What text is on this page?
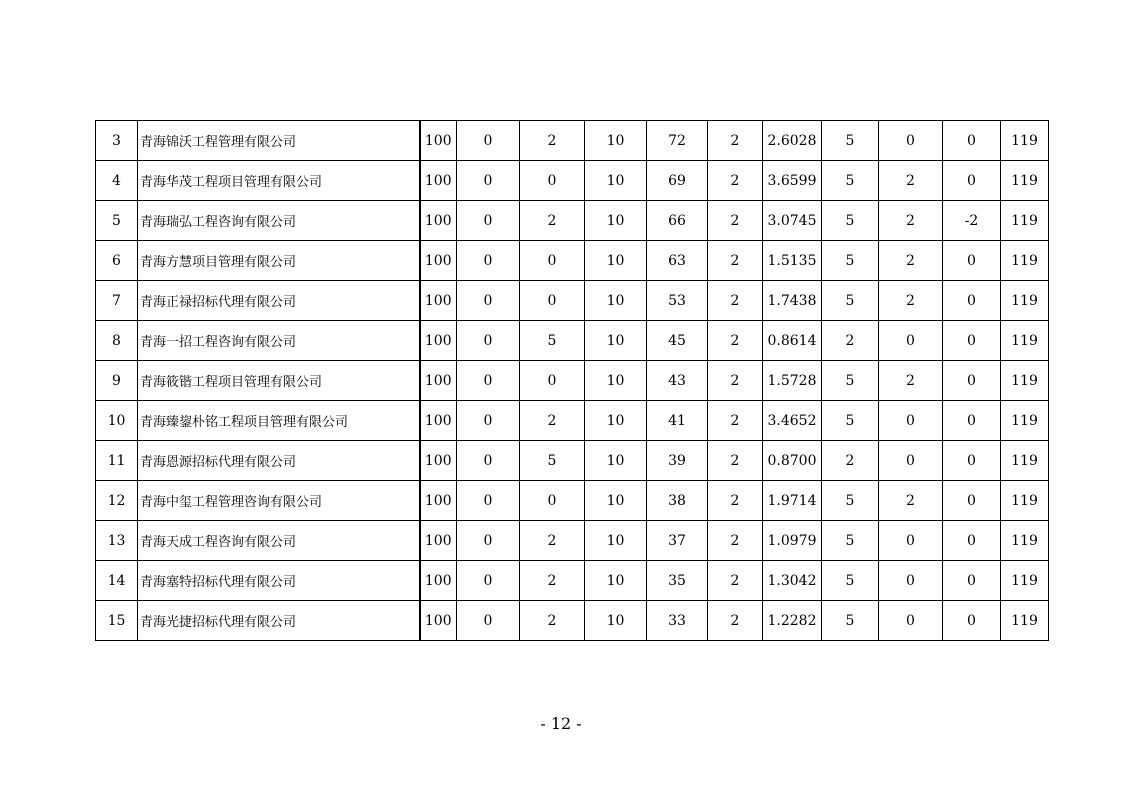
3	青海锦沃工程管理有限公司	100	0	2	10	72	2	2.6028	5	0	0	119
4	青海华茂工程项目管理有限公司	100	0	0	10	69	2	3.6599	5	2	0	119
5	青海瑞弘工程咨询有限公司	100	0	2	10	66	2	3.0745	5	2	-2	119
6	青海方慧项目管理有限公司	100	0	0	10	63	2	1.5135	5	2	0	119
7	青海正禄招标代理有限公司	100	0	0	10	53	2	1.7438	5	2	0	119
8	青海一招工程咨询有限公司	100	0	5	10	45	2	0.8614	2	0	0	119
9	青海筱锴工程项目管理有限公司	100	0	0	10	43	2	1.5728	5	2	0	119
10	青海臻鋆朴铭工程项目管理有限公司	100	0	2	10	41	2	3.4652	5	0	0	119
11	青海恩源招标代理有限公司	100	0	5	10	39	2	0.8700	2	0	0	119
12	青海中玺工程管理咨询有限公司	100	0	0	10	38	2	1.9714	5	2	0	119
13	青海天成工程咨询有限公司	100	0	2	10	37	2	1.0979	5	0	0	119
14	青海塞特招标代理有限公司	100	0	2	10	35	2	1.3042	5	0	0	119
15	青海光捷招标代理有限公司	100	0	2	10	33	2	1.2282	5	0	0	119
- 12 -
